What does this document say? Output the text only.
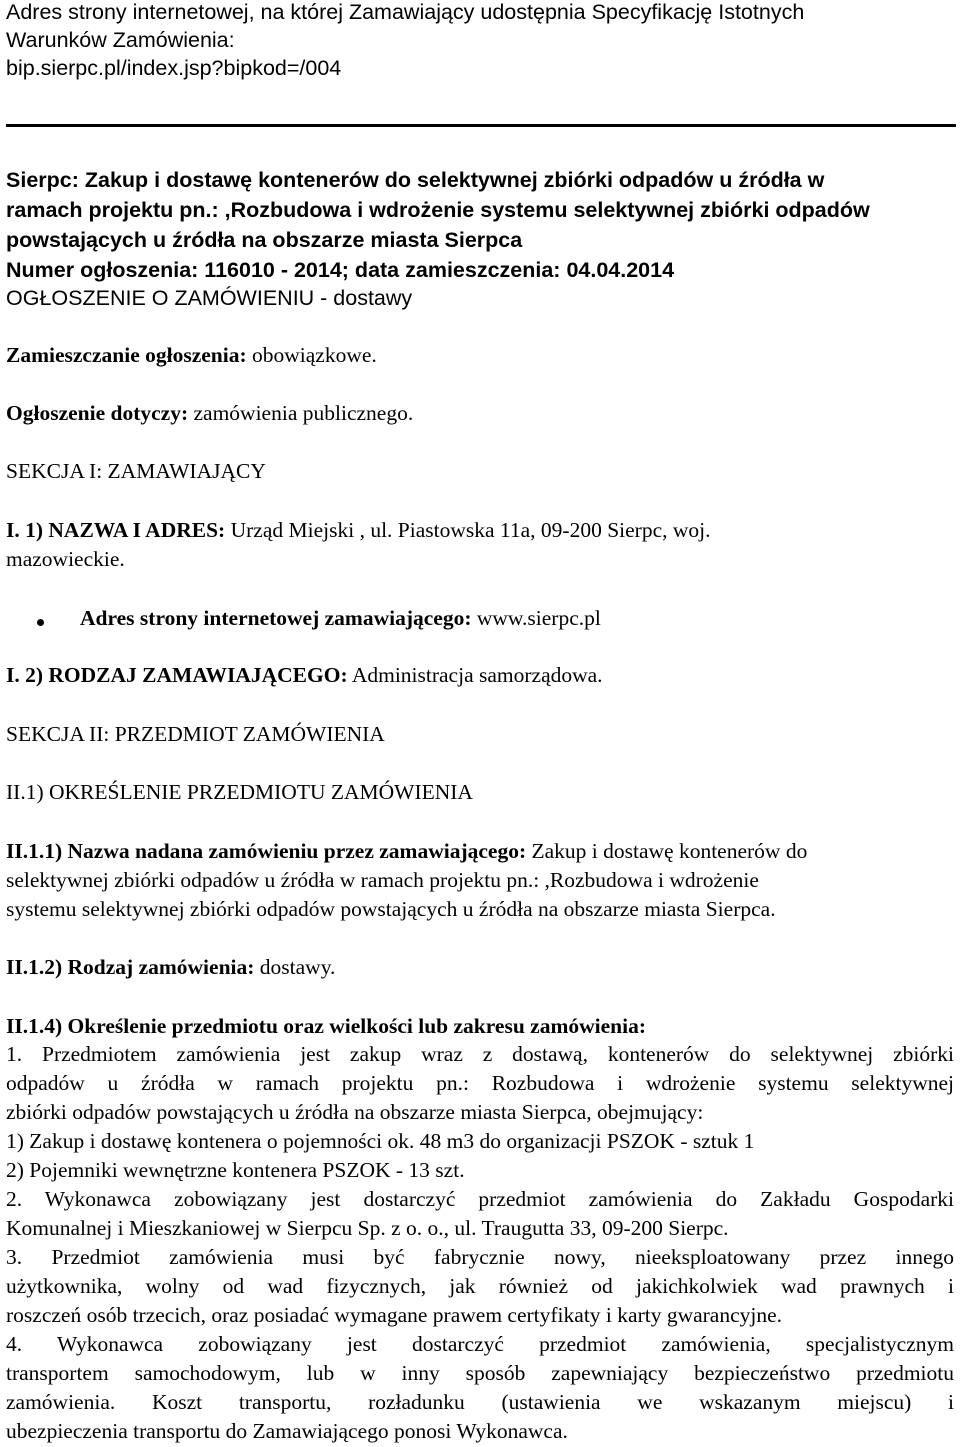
Adres strony internetowej, na której Zamawiający udostępnia Specyfikację Istotnych

Warunków Zamówienia:

bip.sierpc.pl/index.jsp?bipkod=/004

Sierpc: Zakup i dostawę kontenerów do selektywnej zbiórki odpadów u źródła w

ramach projektu pn.: ,Rozbudowa i wdrożenie systemu selektywnej zbiórki odpadów

powstających u źródła na obszarze miasta Sierpca

Numer ogłoszenia: 116010 - 2014; data zamieszczenia: 04.04.2014

OGŁOSZENIE O ZAMÓWIENIU - dostawy

Zamieszczanie ogłoszenia: obowiązkowe.

Ogłoszenie dotyczy: zamówienia publicznego.

SEKCJA I: ZAMAWIAJĄCY

I. 1) NAZWA I ADRES: Urząd Miejski , ul. Piastowska 11a, 09-200 Sierpc, woj.

mazowieckie.

Adres strony internetowej zamawiającego: www.sierpc.pl

I. 2) RODZAJ ZAMAWIAJĄCEGO: Administracja samorządowa.

SEKCJA II: PRZEDMIOT ZAMÓWIENIA

II.1) OKREŚLENIE PRZEDMIOTU ZAMÓWIENIA

II.1.1) Nazwa nadana zamówieniu przez zamawiającego: Zakup i dostawę kontenerów do

selektywnej zbiórki odpadów u źródła w ramach projektu pn.: ,Rozbudowa i wdrożenie

systemu selektywnej zbiórki odpadów powstających u źródła na obszarze miasta Sierpca.

II.1.2) Rodzaj zamówienia: dostawy.

II.1.4) Określenie przedmiotu oraz wielkości lub zakresu zamówienia:

1. Przedmiotem zamówienia jest zakup wraz z dostawą, kontenerów do selektywnej zbiórki

odpadów u źródła w ramach projektu pn.: Rozbudowa i wdrożenie systemu selektywnej

zbiórki odpadów powstających u źródła na obszarze miasta Sierpca, obejmujący:

1) Zakup i dostawę kontenera o pojemności ok. 48 m3 do organizacji PSZOK - sztuk 1

2) Pojemniki wewnętrzne kontenera PSZOK - 13 szt.

2. Wykonawca zobowiązany jest dostarczyć przedmiot zamówienia do Zakładu Gospodarki

Komunalnej i Mieszkaniowej w Sierpcu Sp. z o. o., ul. Traugutta 33, 09-200 Sierpc.

3. Przedmiot zamówienia musi być fabrycznie nowy, nieeksploatowany przez innego

użytkownika, wolny od wad fizycznych, jak również od jakichkolwiek wad prawnych i

roszczeń osób trzecich, oraz posiadać wymagane prawem certyfikaty i karty gwarancyjne.

4. Wykonawca zobowiązany jest dostarczyć przedmiot zamówienia, specjalistycznym

transportem samochodowym, lub w inny sposób zapewniający bezpieczeństwo przedmiotu

zamówienia. Koszt transportu, rozładunku (ustawienia we wskazanym miejscu) i

ubezpieczenia transportu do Zamawiającego ponosi Wykonawca.
